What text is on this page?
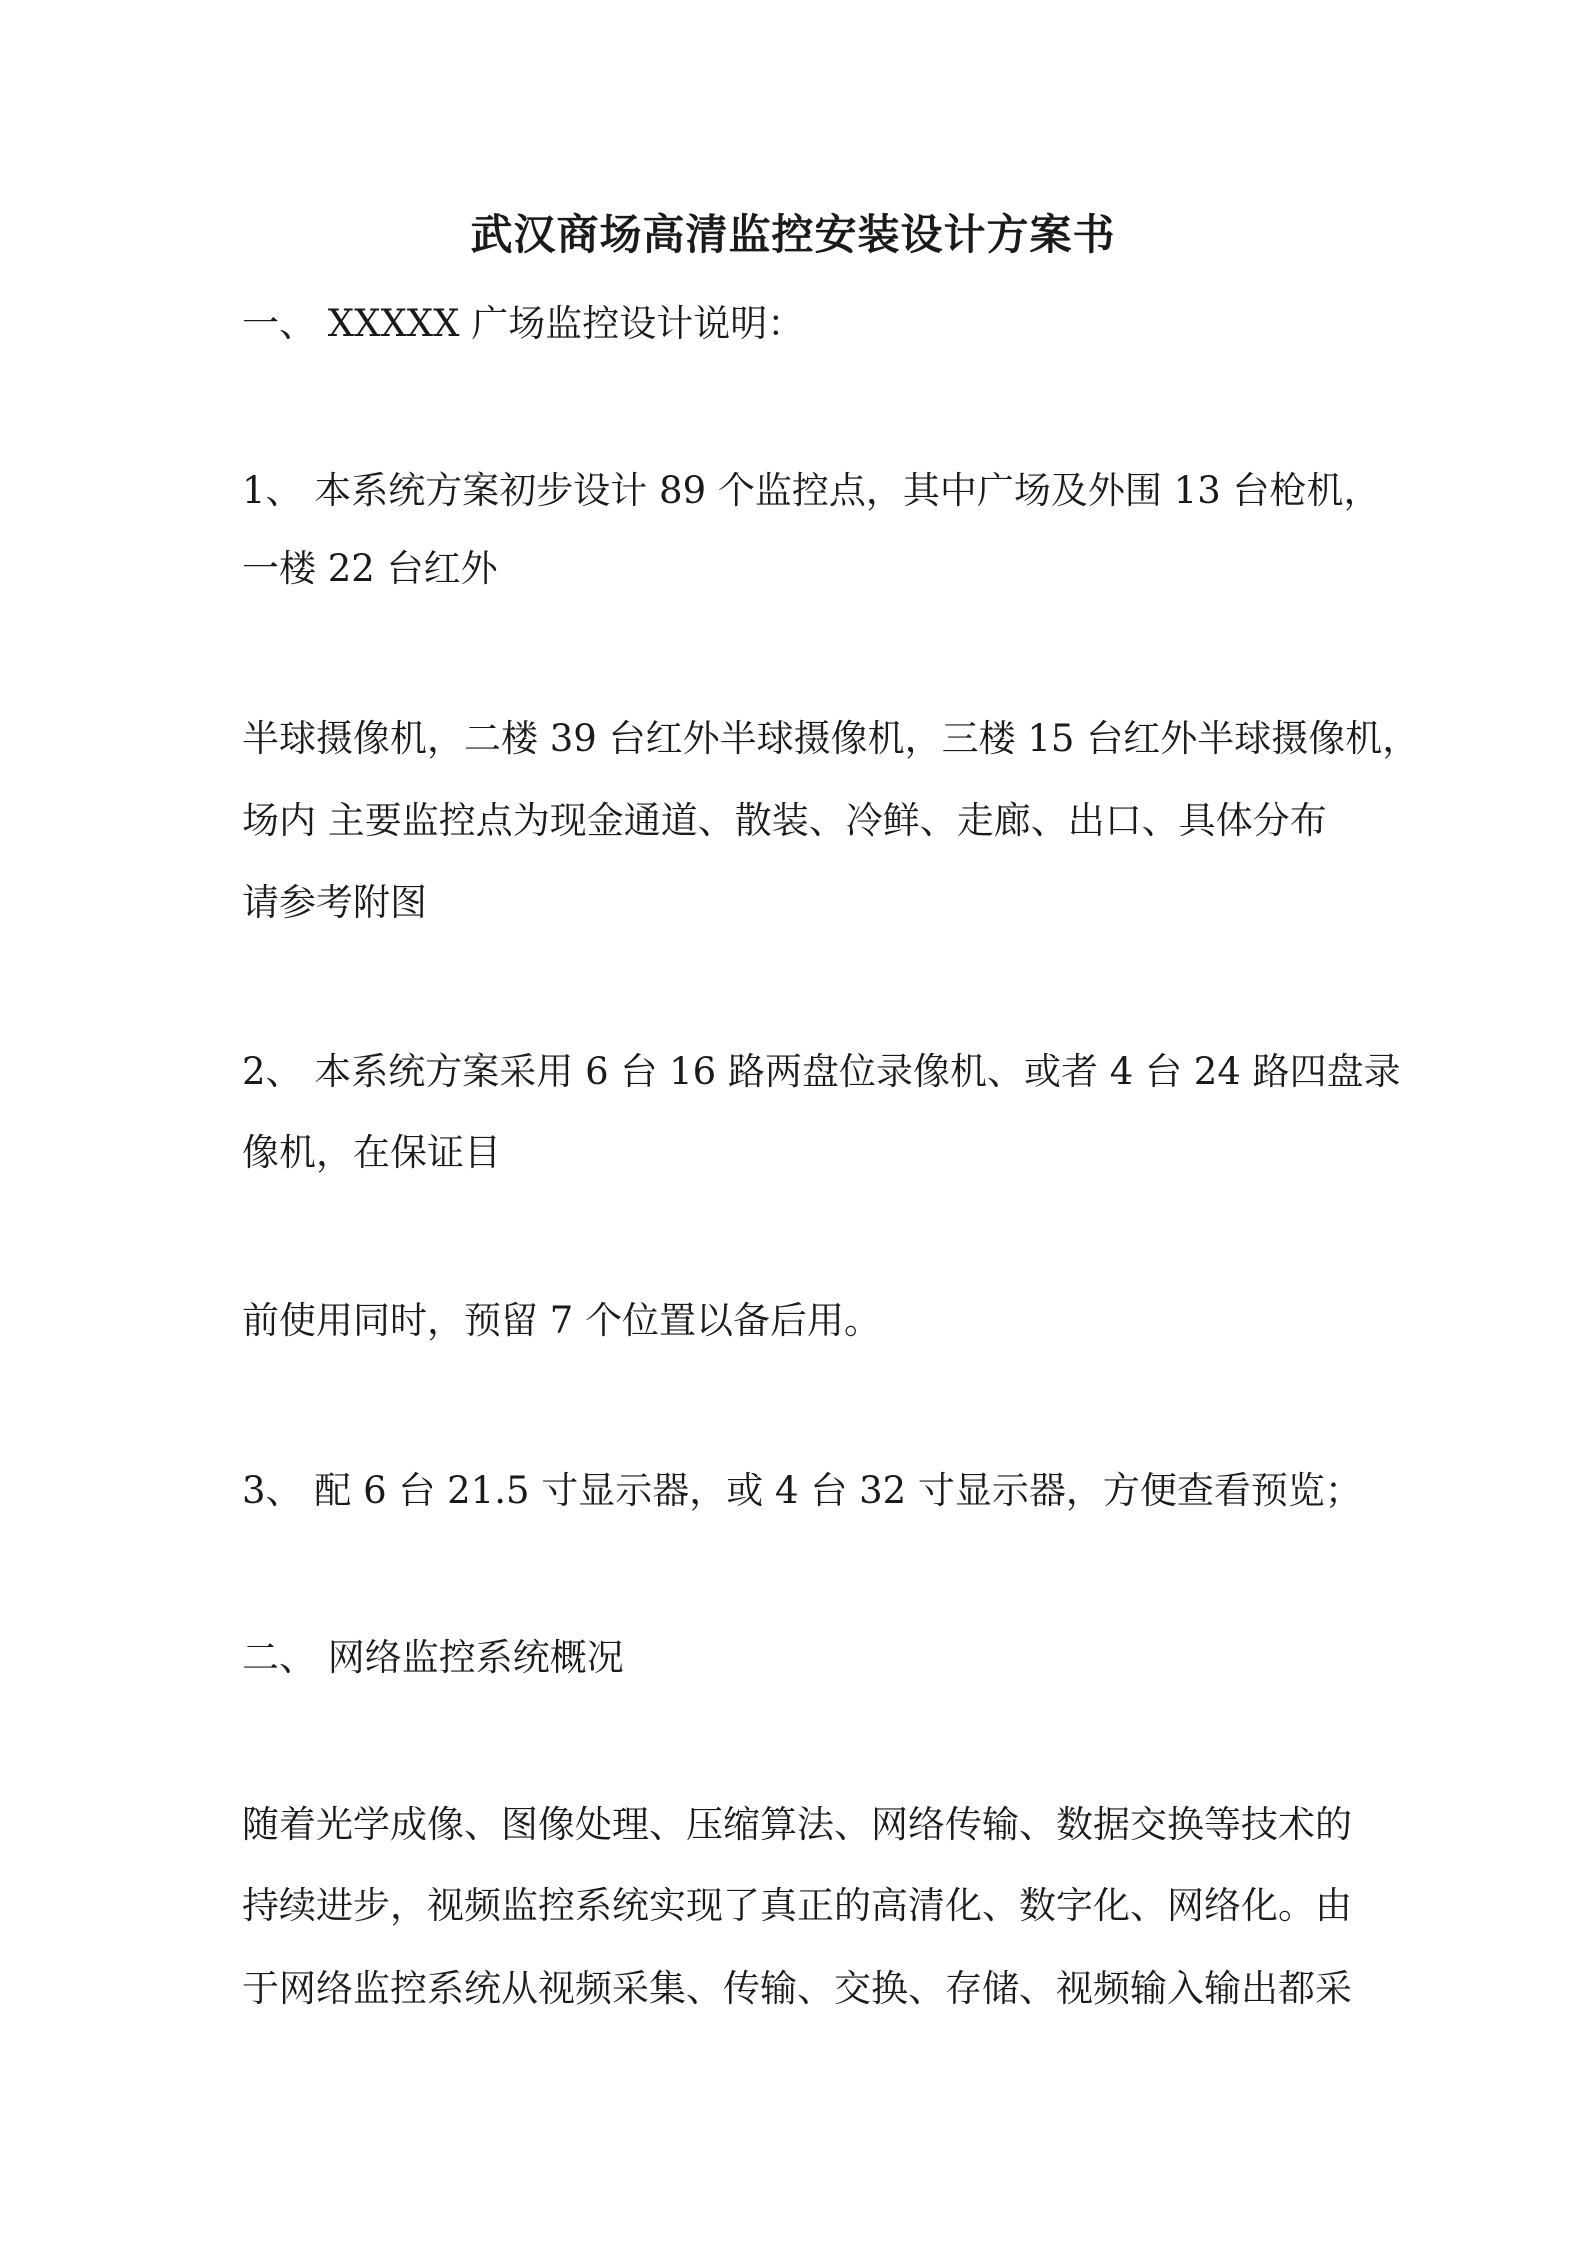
武汉商场高清监控安装设计方案书

一、 XXXXX 广场监控设计说明：

1、 本系统方案初步设计 89 个监控点，其中广场及外围 13 台枪机，

一楼 22 台红外

半球摄像机，二楼 39 台红外半球摄像机，三楼 15 台红外半球摄像机，

场内 主要监控点为现金通道、散装、冷鲜、走廊、出口、具体分布

请参考附图

2、 本系统方案采用 6 台 16 路两盘位录像机、或者 4 台 24 路四盘录

像机，在保证目

前使用同时，预留 7 个位置以备后用。

3、 配 6 台 21.5 寸显示器，或 4 台 32 寸显示器，方便查看预览；

二、 网络监控系统概况

随着光学成像、图像处理、压缩算法、网络传输、数据交换等技术的

持续进步，视频监控系统实现了真正的高清化、数字化、网络化。由

于网络监控系统从视频采集、传输、交换、存储、视频输入输出都采
